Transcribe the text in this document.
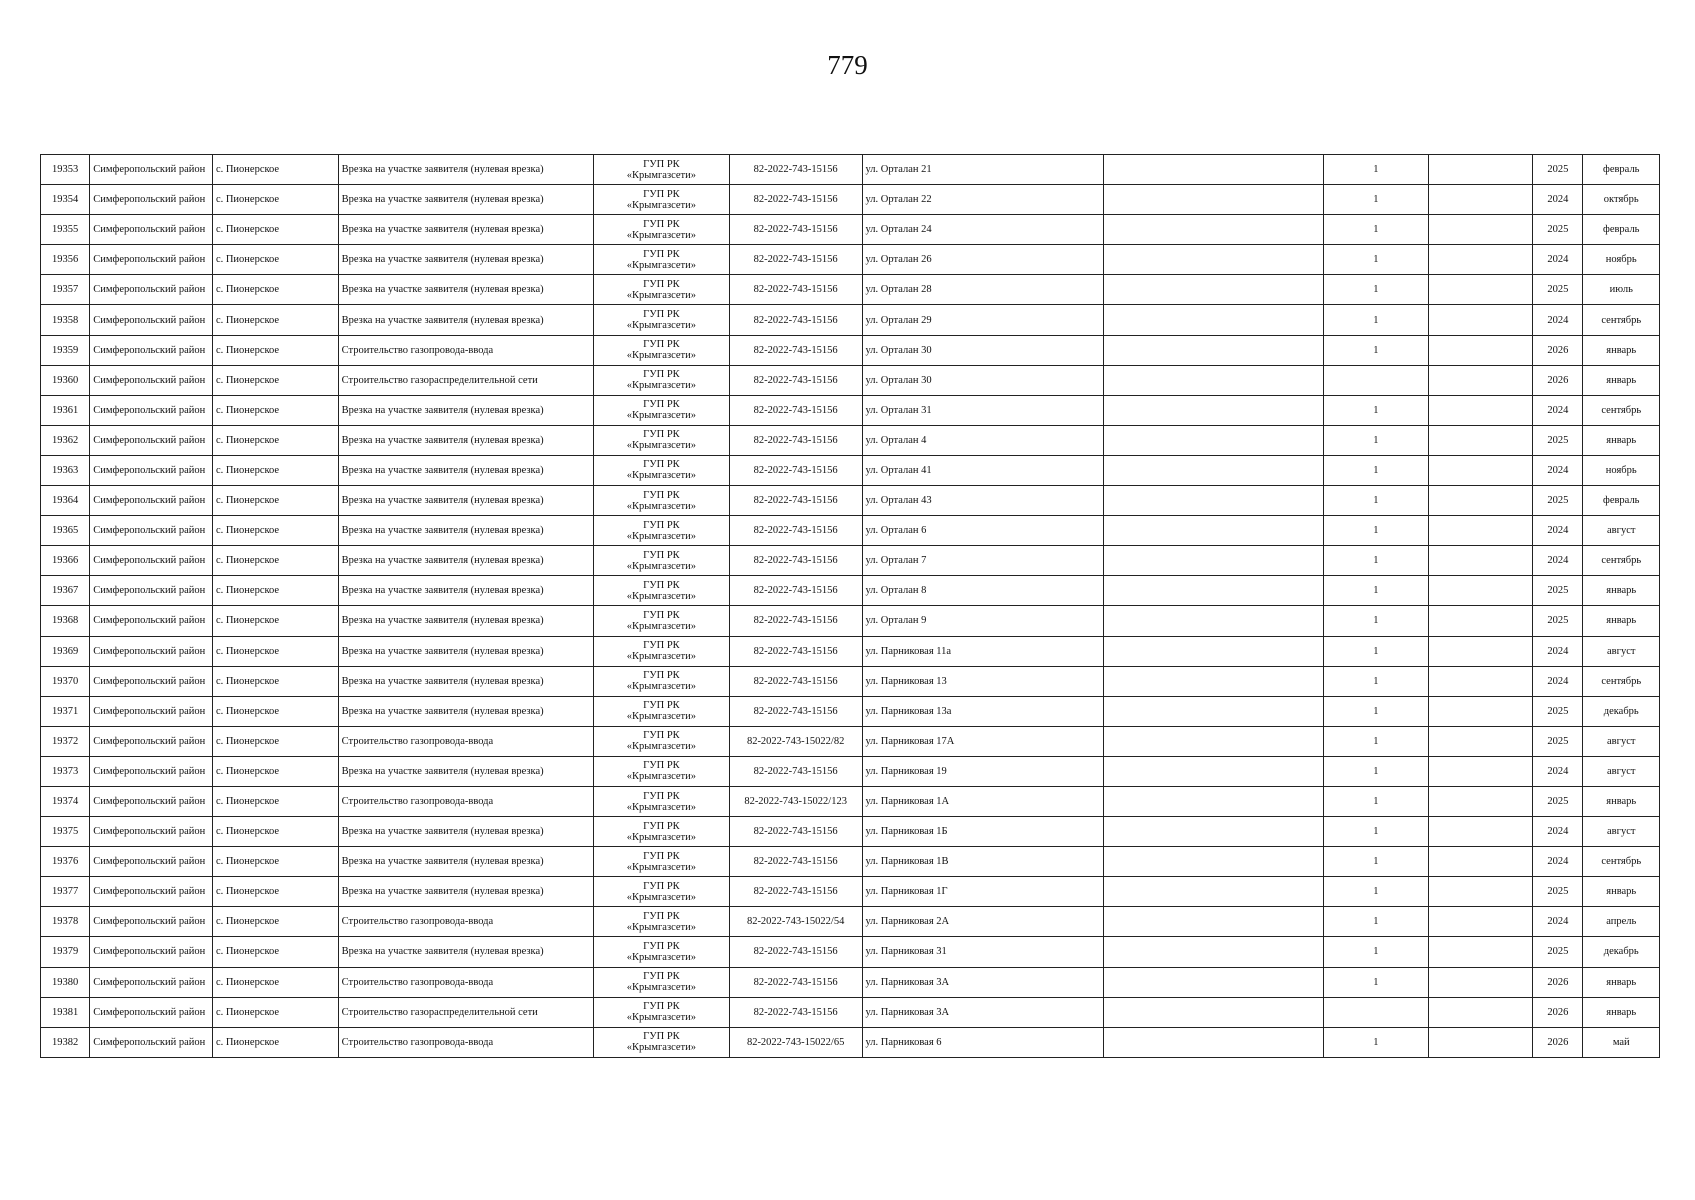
779
19353	Симферопольский район	с. Пионерское	Врезка на участке заявителя (нулевая врезка)	ГУП РК
«Крымгазсети»	82-2022-743-15156	ул. Орталан 21		1		2025	февраль
19354	Симферопольский район	с. Пионерское	Врезка на участке заявителя (нулевая врезка)	ГУП РК
«Крымгазсети»	82-2022-743-15156	ул. Орталан 22		1		2024	октябрь
19355	Симферопольский район	с. Пионерское	Врезка на участке заявителя (нулевая врезка)	ГУП РК
«Крымгазсети»	82-2022-743-15156	ул. Орталан 24		1		2025	февраль
19356	Симферопольский район	с. Пионерское	Врезка на участке заявителя (нулевая врезка)	ГУП РК
«Крымгазсети»	82-2022-743-15156	ул. Орталан 26		1		2024	ноябрь
19357	Симферопольский район	с. Пионерское	Врезка на участке заявителя (нулевая врезка)	ГУП РК
«Крымгазсети»	82-2022-743-15156	ул. Орталан 28		1		2025	июль
19358	Симферопольский район	с. Пионерское	Врезка на участке заявителя (нулевая врезка)	ГУП РК
«Крымгазсети»	82-2022-743-15156	ул. Орталан 29		1		2024	сентябрь
19359	Симферопольский район	с. Пионерское	Строительство газопровода-ввода	ГУП РК
«Крымгазсети»	82-2022-743-15156	ул. Орталан 30		1		2026	январь
19360	Симферопольский район	с. Пионерское	Строительство газораспределительной сети	ГУП РК
«Крымгазсети»	82-2022-743-15156	ул. Орталан 30				2026	январь
19361	Симферопольский район	с. Пионерское	Врезка на участке заявителя (нулевая врезка)	ГУП РК
«Крымгазсети»	82-2022-743-15156	ул. Орталан 31		1		2024	сентябрь
19362	Симферопольский район	с. Пионерское	Врезка на участке заявителя (нулевая врезка)	ГУП РК
«Крымгазсети»	82-2022-743-15156	ул. Орталан 4		1		2025	январь
19363	Симферопольский район	с. Пионерское	Врезка на участке заявителя (нулевая врезка)	ГУП РК
«Крымгазсети»	82-2022-743-15156	ул. Орталан 41		1		2024	ноябрь
19364	Симферопольский район	с. Пионерское	Врезка на участке заявителя (нулевая врезка)	ГУП РК
«Крымгазсети»	82-2022-743-15156	ул. Орталан 43		1		2025	февраль
19365	Симферопольский район	с. Пионерское	Врезка на участке заявителя (нулевая врезка)	ГУП РК
«Крымгазсети»	82-2022-743-15156	ул. Орталан 6		1		2024	август
19366	Симферопольский район	с. Пионерское	Врезка на участке заявителя (нулевая врезка)	ГУП РК
«Крымгазсети»	82-2022-743-15156	ул. Орталан 7		1		2024	сентябрь
19367	Симферопольский район	с. Пионерское	Врезка на участке заявителя (нулевая врезка)	ГУП РК
«Крымгазсети»	82-2022-743-15156	ул. Орталан 8		1		2025	январь
19368	Симферопольский район	с. Пионерское	Врезка на участке заявителя (нулевая врезка)	ГУП РК
«Крымгазсети»	82-2022-743-15156	ул. Орталан 9		1		2025	январь
19369	Симферопольский район	с. Пионерское	Врезка на участке заявителя (нулевая врезка)	ГУП РК
«Крымгазсети»	82-2022-743-15156	ул. Парниковая 11а		1		2024	август
19370	Симферопольский район	с. Пионерское	Врезка на участке заявителя (нулевая врезка)	ГУП РК
«Крымгазсети»	82-2022-743-15156	ул. Парниковая 13		1		2024	сентябрь
19371	Симферопольский район	с. Пионерское	Врезка на участке заявителя (нулевая врезка)	ГУП РК
«Крымгазсети»	82-2022-743-15156	ул. Парниковая 13а		1		2025	декабрь
19372	Симферопольский район	с. Пионерское	Строительство газопровода-ввода	ГУП РК
«Крымгазсети»	82-2022-743-15022/82	ул. Парниковая 17А		1		2025	август
19373	Симферопольский район	с. Пионерское	Врезка на участке заявителя (нулевая врезка)	ГУП РК
«Крымгазсети»	82-2022-743-15156	ул. Парниковая 19		1		2024	август
19374	Симферопольский район	с. Пионерское	Строительство газопровода-ввода	ГУП РК
«Крымгазсети»	82-2022-743-15022/123	ул. Парниковая 1А		1		2025	январь
19375	Симферопольский район	с. Пионерское	Врезка на участке заявителя (нулевая врезка)	ГУП РК
«Крымгазсети»	82-2022-743-15156	ул. Парниковая 1Б		1		2024	август
19376	Симферопольский район	с. Пионерское	Врезка на участке заявителя (нулевая врезка)	ГУП РК
«Крымгазсети»	82-2022-743-15156	ул. Парниковая 1В		1		2024	сентябрь
19377	Симферопольский район	с. Пионерское	Врезка на участке заявителя (нулевая врезка)	ГУП РК
«Крымгазсети»	82-2022-743-15156	ул. Парниковая 1Г		1		2025	январь
19378	Симферопольский район	с. Пионерское	Строительство газопровода-ввода	ГУП РК
«Крымгазсети»	82-2022-743-15022/54	ул. Парниковая 2А		1		2024	апрель
19379	Симферопольский район	с. Пионерское	Врезка на участке заявителя (нулевая врезка)	ГУП РК
«Крымгазсети»	82-2022-743-15156	ул. Парниковая 31		1		2025	декабрь
19380	Симферопольский район	с. Пионерское	Строительство газопровода-ввода	ГУП РК
«Крымгазсети»	82-2022-743-15156	ул. Парниковая 3А		1		2026	январь
19381	Симферопольский район	с. Пионерское	Строительство газораспределительной сети	ГУП РК
«Крымгазсети»	82-2022-743-15156	ул. Парниковая 3А				2026	январь
19382	Симферопольский район	с. Пионерское	Строительство газопровода-ввода	ГУП РК
«Крымгазсети»	82-2022-743-15022/65	ул. Парниковая 6		1		2026	май
